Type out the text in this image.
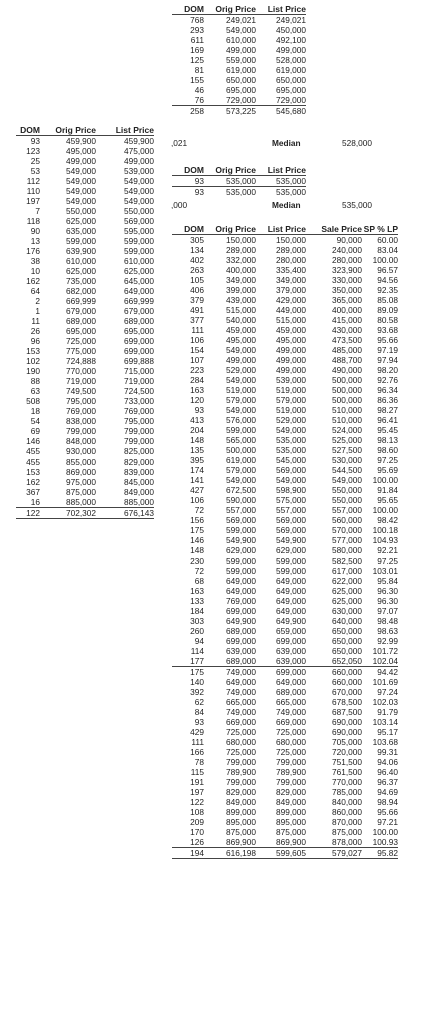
DOM	Orig Price	List Price
768	249,021	249,021
293	549,000	450,000
611	610,000	492,100
169	499,000	499,000
125	559,000	528,000
81	619,000	619,000
155	650,000	650,000
46	695,000	695,000
76	729,000	729,000
258	573,225	545,680
,021	Median	528,000
DOM	Orig Price	List Price
93	459,900	459,900
123	495,000	475,000
25	499,000	499,000
53	549,000	539,000
112	549,000	549,000
110	549,000	549,000
197	549,000	549,000
7	550,000	550,000
118	625,000	569,000
90	635,000	595,000
13	599,000	599,000
176	639,900	599,000
38	610,000	610,000
10	625,000	625,000
162	735,000	645,000
64	682,000	649,000
2	669,999	669,999
1	679,000	679,000
11	689,000	689,000
26	695,000	695,000
96	725,000	699,000
153	775,000	699,000
102	724,888	699,888
190	770,000	715,000
88	719,000	719,000
63	749,500	724,500
508	795,000	733,000
18	769,000	769,000
54	838,000	795,000
69	799,000	799,000
146	848,000	799,000
455	930,000	825,000
455	855,000	829,000
153	869,000	839,000
162	975,000	845,000
367	875,000	849,000
16	885,000	885,000
122	702,302	676,143
DOM	Orig Price	List Price
93	535,000	535,000
93	535,000	535,000
,000	Median	535,000
DOM	Orig Price	List Price	Sale Price SP % LP
305	150,000	150,000	90,000	60.00
134	289,000	289,000	240,000	83.04
402	332,000	280,000	280,000	100.00
263	400,000	335,400	323,900	96.57
105	349,000	349,000	330,000	94.56
406	399,000	379,000	350,000	92.35
379	439,000	429,000	365,000	85.08
491	515,000	449,000	400,000	89.09
377	540,000	515,000	415,000	80.58
111	459,000	459,000	430,000	93.68
106	495,000	495,000	473,500	95.66
154	549,000	499,000	485,000	97.19
107	499,000	499,000	488,700	97.94
223	529,000	499,000	490,000	98.20
284	549,000	539,000	500,000	92.76
163	519,000	519,000	500,000	96.34
120	579,000	579,000	500,000	86.36
93	549,000	519,000	510,000	98.27
413	576,000	529,000	510,000	96.41
204	599,000	549,000	524,000	95.45
148	565,000	535,000	525,000	98.13
135	500,000	535,000	527,500	98.60
395	619,000	545,000	530,000	97.25
174	579,000	569,000	544,500	95.69
141	549,000	549,000	549,000	100.00
427	672,500	598,900	550,000	91.84
106	590,000	575,000	550,000	95.65
72	557,000	557,000	557,000	100.00
156	569,000	569,000	560,000	98.42
175	599,000	569,000	570,000	100.18
146	549,900	549,900	577,000	104.93
148	629,000	629,000	580,000	92.21
230	599,000	599,000	582,500	97.25
72	599,000	599,000	617,000	103.01
68	649,000	649,000	622,000	95.84
163	649,000	649,000	625,000	96.30
133	769,000	649,000	625,000	96.30
184	699,000	649,000	630,000	97.07
303	649,900	649,900	640,000	98.48
260	689,000	659,000	650,000	98.63
94	699,000	699,000	650,000	92.99
114	639,000	639,000	650,000	101.72
177	689,000	639,000	652,050	102.04
175	749,000	699,000	660,000	94.42
140	649,000	649,000	660,000	101.69
392	749,000	689,000	670,000	97.24
62	665,000	665,000	678,500	102.03
84	749,000	749,000	687,500	91.79
93	669,000	669,000	690,000	103.14
429	725,000	725,000	690,000	95.17
111	680,000	680,000	705,000	103.68
166	725,000	725,000	720,000	99.31
78	799,000	799,000	751,500	94.06
115	789,900	789,900	761,500	96.40
191	799,000	799,000	770,000	96.37
197	829,000	829,000	785,000	94.69
122	849,000	849,000	840,000	98.94
108	899,000	899,000	860,000	95.66
209	895,000	895,000	870,000	97.21
170	875,000	875,000	875,000	100.00
126	869,900	869,900	878,000	100.93
194	616,198	599,605	579,027	95.82
